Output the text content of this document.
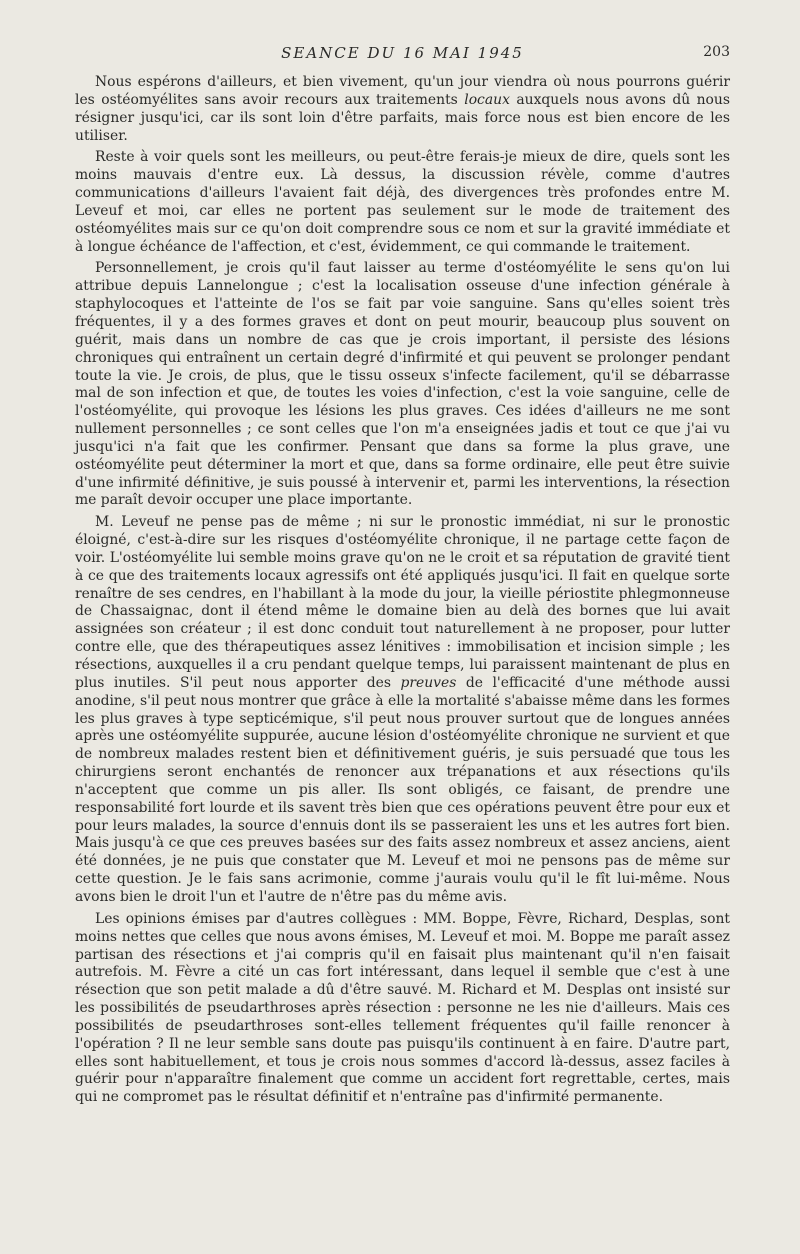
SEANCE DU 16 MAI 1945	203

Nous espérons d'ailleurs, et bien vivement, qu'un jour viendra où nous pourrons guérir les ostéomyélites sans avoir recours aux traitements locaux auxquels nous avons dû nous résigner jusqu'ici, car ils sont loin d'être parfaits, mais force nous est bien encore de les utiliser.

Reste à voir quels sont les meilleurs, ou peut-être ferais-je mieux de dire, quels sont les moins mauvais d'entre eux. Là dessus, la discussion révèle, comme d'autres communications d'ailleurs l'avaient fait déjà, des divergences très profondes entre M. Leveuf et moi, car elles ne portent pas seulement sur le mode de traitement des ostéomyélites mais sur ce qu'on doit comprendre sous ce nom et sur la gravité immédiate et à longue échéance de l'affection, et c'est, évidemment, ce qui commande le traitement.

Personnellement, je crois qu'il faut laisser au terme d'ostéomyélite le sens qu'on lui attribue depuis Lannelongue ; c'est la localisation osseuse d'une infection générale à staphylocoques et l'atteinte de l'os se fait par voie sanguine. Sans qu'elles soient très fréquentes, il y a des formes graves et dont on peut mourir, beaucoup plus souvent on guérit, mais dans un nombre de cas que je crois important, il persiste des lésions chroniques qui entraînent un certain degré d'infirmité et qui peuvent se prolonger pendant toute la vie. Je crois, de plus, que le tissu osseux s'infecte facilement, qu'il se débarrasse mal de son infection et que, de toutes les voies d'infection, c'est la voie sanguine, celle de l'ostéomyélite, qui provoque les lésions les plus graves. Ces idées d'ailleurs ne me sont nullement personnelles ; ce sont celles que l'on m'a enseignées jadis et tout ce que j'ai vu jusqu'ici n'a fait que les confirmer. Pensant que dans sa forme la plus grave, une ostéomyélite peut déterminer la mort et que, dans sa forme ordinaire, elle peut être suivie d'une infirmité définitive, je suis poussé à intervenir et, parmi les interventions, la résection me paraît devoir occuper une place importante.

M. Leveuf ne pense pas de même ; ni sur le pronostic immédiat, ni sur le pronostic éloigné, c'est-à-dire sur les risques d'ostéomyélite chronique, il ne partage cette façon de voir. L'ostéomyélite lui semble moins grave qu'on ne le croit et sa réputation de gravité tient à ce que des traitements locaux agressifs ont été appliqués jusqu'ici. Il fait en quelque sorte renaître de ses cendres, en l'habillant à la mode du jour, la vieille périostite phlegmonneuse de Chassaignac, dont il étend même le domaine bien au delà des bornes que lui avait assignées son créateur ; il est donc conduit tout naturellement à ne proposer, pour lutter contre elle, que des thérapeutiques assez lénitives : immobilisation et incision simple ; les résections, auxquelles il a cru pendant quelque temps, lui paraissent maintenant de plus en plus inutiles. S'il peut nous apporter des preuves de l'efficacité d'une méthode aussi anodine, s'il peut nous montrer que grâce à elle la mortalité s'abaisse même dans les formes les plus graves à type septicémique, s'il peut nous prouver surtout que de longues années après une ostéomyélite suppurée, aucune lésion d'ostéomyélite chronique ne survient et que de nombreux malades restent bien et définitivement guéris, je suis persuadé que tous les chirurgiens seront enchantés de renoncer aux trépanations et aux résections qu'ils n'acceptent que comme un pis aller. Ils sont obligés, ce faisant, de prendre une responsabilité fort lourde et ils savent très bien que ces opérations peuvent être pour eux et pour leurs malades, la source d'ennuis dont ils se passeraient les uns et les autres fort bien. Mais jusqu'à ce que ces preuves basées sur des faits assez nombreux et assez anciens, aient été données, je ne puis que constater que M. Leveuf et moi ne pensons pas de même sur cette question. Je le fais sans acrimonie, comme j'aurais voulu qu'il le fît lui-même. Nous avons bien le droit l'un et l'autre de n'être pas du même avis.

Les opinions émises par d'autres collègues : MM. Boppe, Fèvre, Richard, Desplas, sont moins nettes que celles que nous avons émises, M. Leveuf et moi. M. Boppe me paraît assez partisan des résections et j'ai compris qu'il en faisait plus maintenant qu'il n'en faisait autrefois. M. Fèvre a cité un cas fort intéressant, dans lequel il semble que c'est à une résection que son petit malade a dû d'être sauvé. M. Richard et M. Desplas ont insisté sur les possibilités de pseudarthroses après résection : personne ne les nie d'ailleurs. Mais ces possibilités de pseudarthroses sont-elles tellement fréquentes qu'il faille renoncer à l'opération ? Il ne leur semble sans doute pas puisqu'ils continuent à en faire. D'autre part, elles sont habituellement, et tous je crois nous sommes d'accord là-dessus, assez faciles à guérir pour n'apparaître finalement que comme un accident fort regrettable, certes, mais qui ne compromet pas le résultat définitif et n'entraîne pas d'infirmité permanente.
